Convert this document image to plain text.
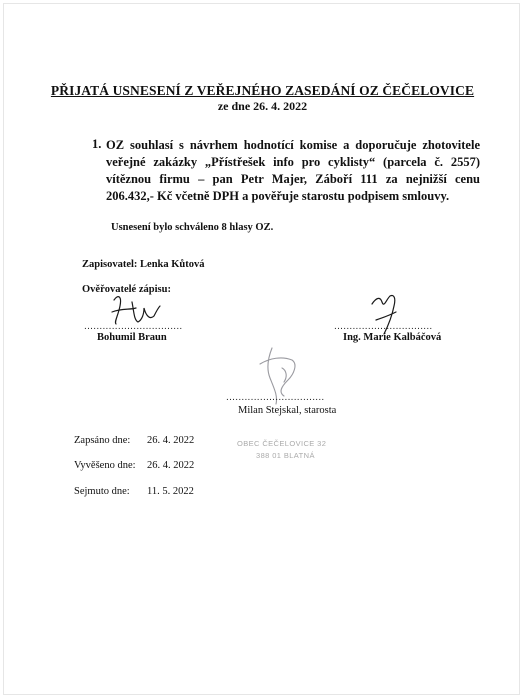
PŘIJATÁ USNESENÍ Z VEŘEJNÉHO ZASEDÁNÍ OZ ČEČELOVICE
ze dne 26. 4. 2022
1. OZ souhlasí s návrhem hodnotící komise a doporučuje zhotovitele veřejné zakázky „Přístřešek info pro cyklisty“ (parcela č. 2557) vítěznou firmu – pan Petr Majer, Záboří 111 za nejnižší cenu 206.432,- Kč včetně DPH a pověřuje starostu podpisem smlouvy.
Usnesení bylo schváleno 8 hlasy OZ.
Zapisovatel: Lenka Kůtová
Ověřovatelé zápisu:
................................
Bohumil Braun
................................
Ing. Marie Kalbáčová
................................
Milan Stejskal, starosta
OBEC ČEČELOVICE 32
388 01 BLATNÁ
Zapsáno dne: 26. 4. 2022
Vyvěšeno dne: 26. 4. 2022
Sejmuto dne: 11. 5. 2022
